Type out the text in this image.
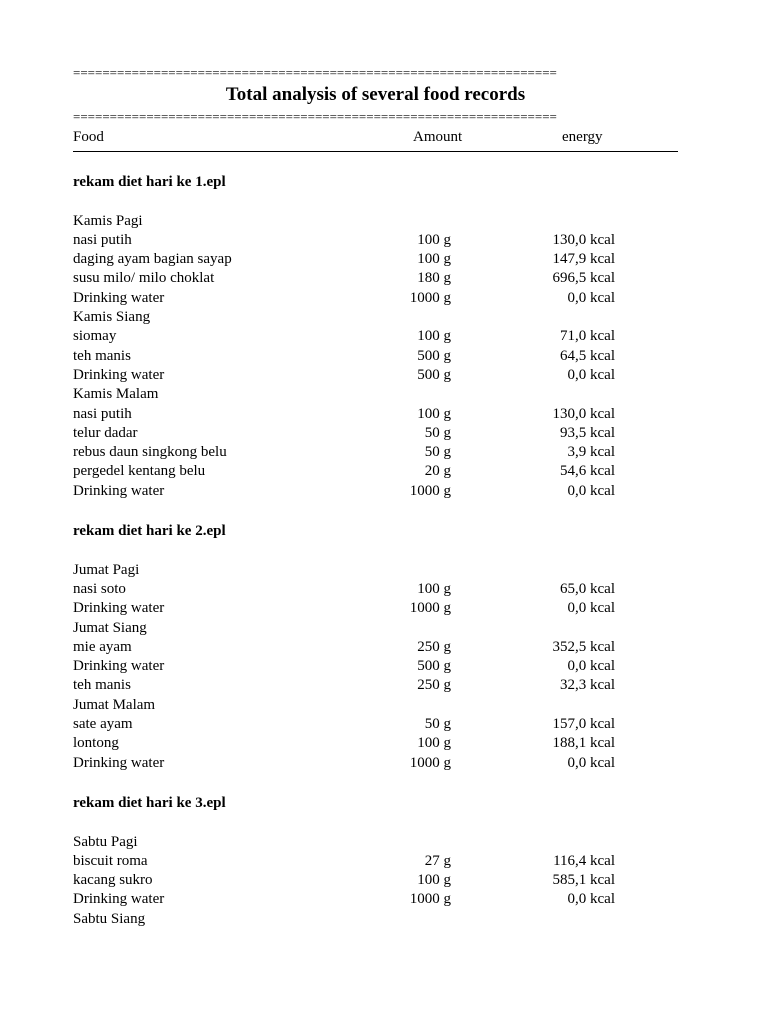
==================================================================
Total analysis of several food records
==================================================================
Food	Amount	energy
rekam diet hari ke 1.epl
Kamis Pagi
nasi putih	100 g	130,0 kcal
daging ayam bagian sayap	100 g	147,9 kcal
susu milo/ milo choklat	180 g	696,5 kcal
Drinking water	1000 g	0,0 kcal
Kamis Siang
siomay	100 g	71,0 kcal
teh manis	500 g	64,5 kcal
Drinking water	500 g	0,0 kcal
Kamis Malam
nasi putih	100 g	130,0 kcal
telur dadar	50 g	93,5 kcal
rebus daun singkong belu	50 g	3,9 kcal
pergedel kentang belu	20 g	54,6 kcal
Drinking water	1000 g	0,0 kcal
rekam diet hari ke 2.epl
Jumat Pagi
nasi soto	100 g	65,0 kcal
Drinking water	1000 g	0,0 kcal
Jumat Siang
mie ayam	250 g	352,5 kcal
Drinking water	500 g	0,0 kcal
teh manis	250 g	32,3 kcal
Jumat Malam
sate ayam	50 g	157,0 kcal
lontong	100 g	188,1 kcal
Drinking water	1000 g	0,0 kcal
rekam diet hari ke 3.epl
Sabtu Pagi
biscuit roma	27 g	116,4 kcal
kacang sukro	100 g	585,1 kcal
Drinking water	1000 g	0,0 kcal
Sabtu Siang
